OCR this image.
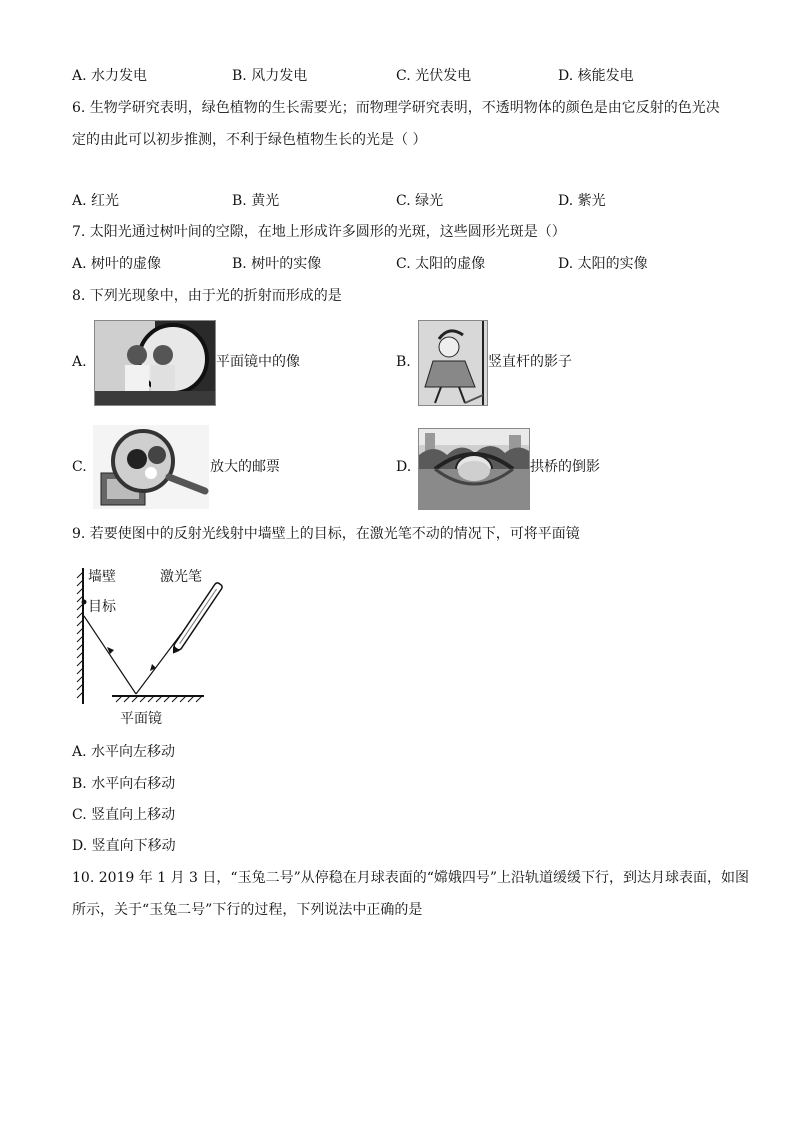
A. 水力发电	B. 风力发电	C. 光伏发电	D. 核能发电
6. 生物学研究表明，绿色植物的生长需要光；而物理学研究表明，不透明物体的颜色是由它反射的色光决
定的由此可以初步推测，不利于绿色植物生长的光是（ ）
A. 红光	B. 黄光	C. 绿光	D. 紫光
7. 太阳光通过树叶间的空隙，在地上形成许多圆形的光斑，这些圆形光斑是（）
A. 树叶的虚像	B. 树叶的实像	C. 太阳的虚像	D. 太阳的实像
8. 下列光现象中，由于光的折射而形成的是
A.	平面镜中的像	B.	竖直杆的影子
C.	放大的邮票	D.	拱桥的倒影
9. 若要使图中的反射光线射中墙壁上的目标，在激光笔不动的情况下，可将平面镜
墙壁
目标
激光笔
平面镜
A. 水平向左移动
B. 水平向右移动
C. 竖直向上移动
D. 竖直向下移动
10. 2019 年 1 月 3 日，“玉兔二号”从停稳在月球表面的“嫦娥四号”上沿轨道缓缓下行，到达月球表面，如图
所示，关于“玉兔二号”下行的过程，下列说法中正确的是
